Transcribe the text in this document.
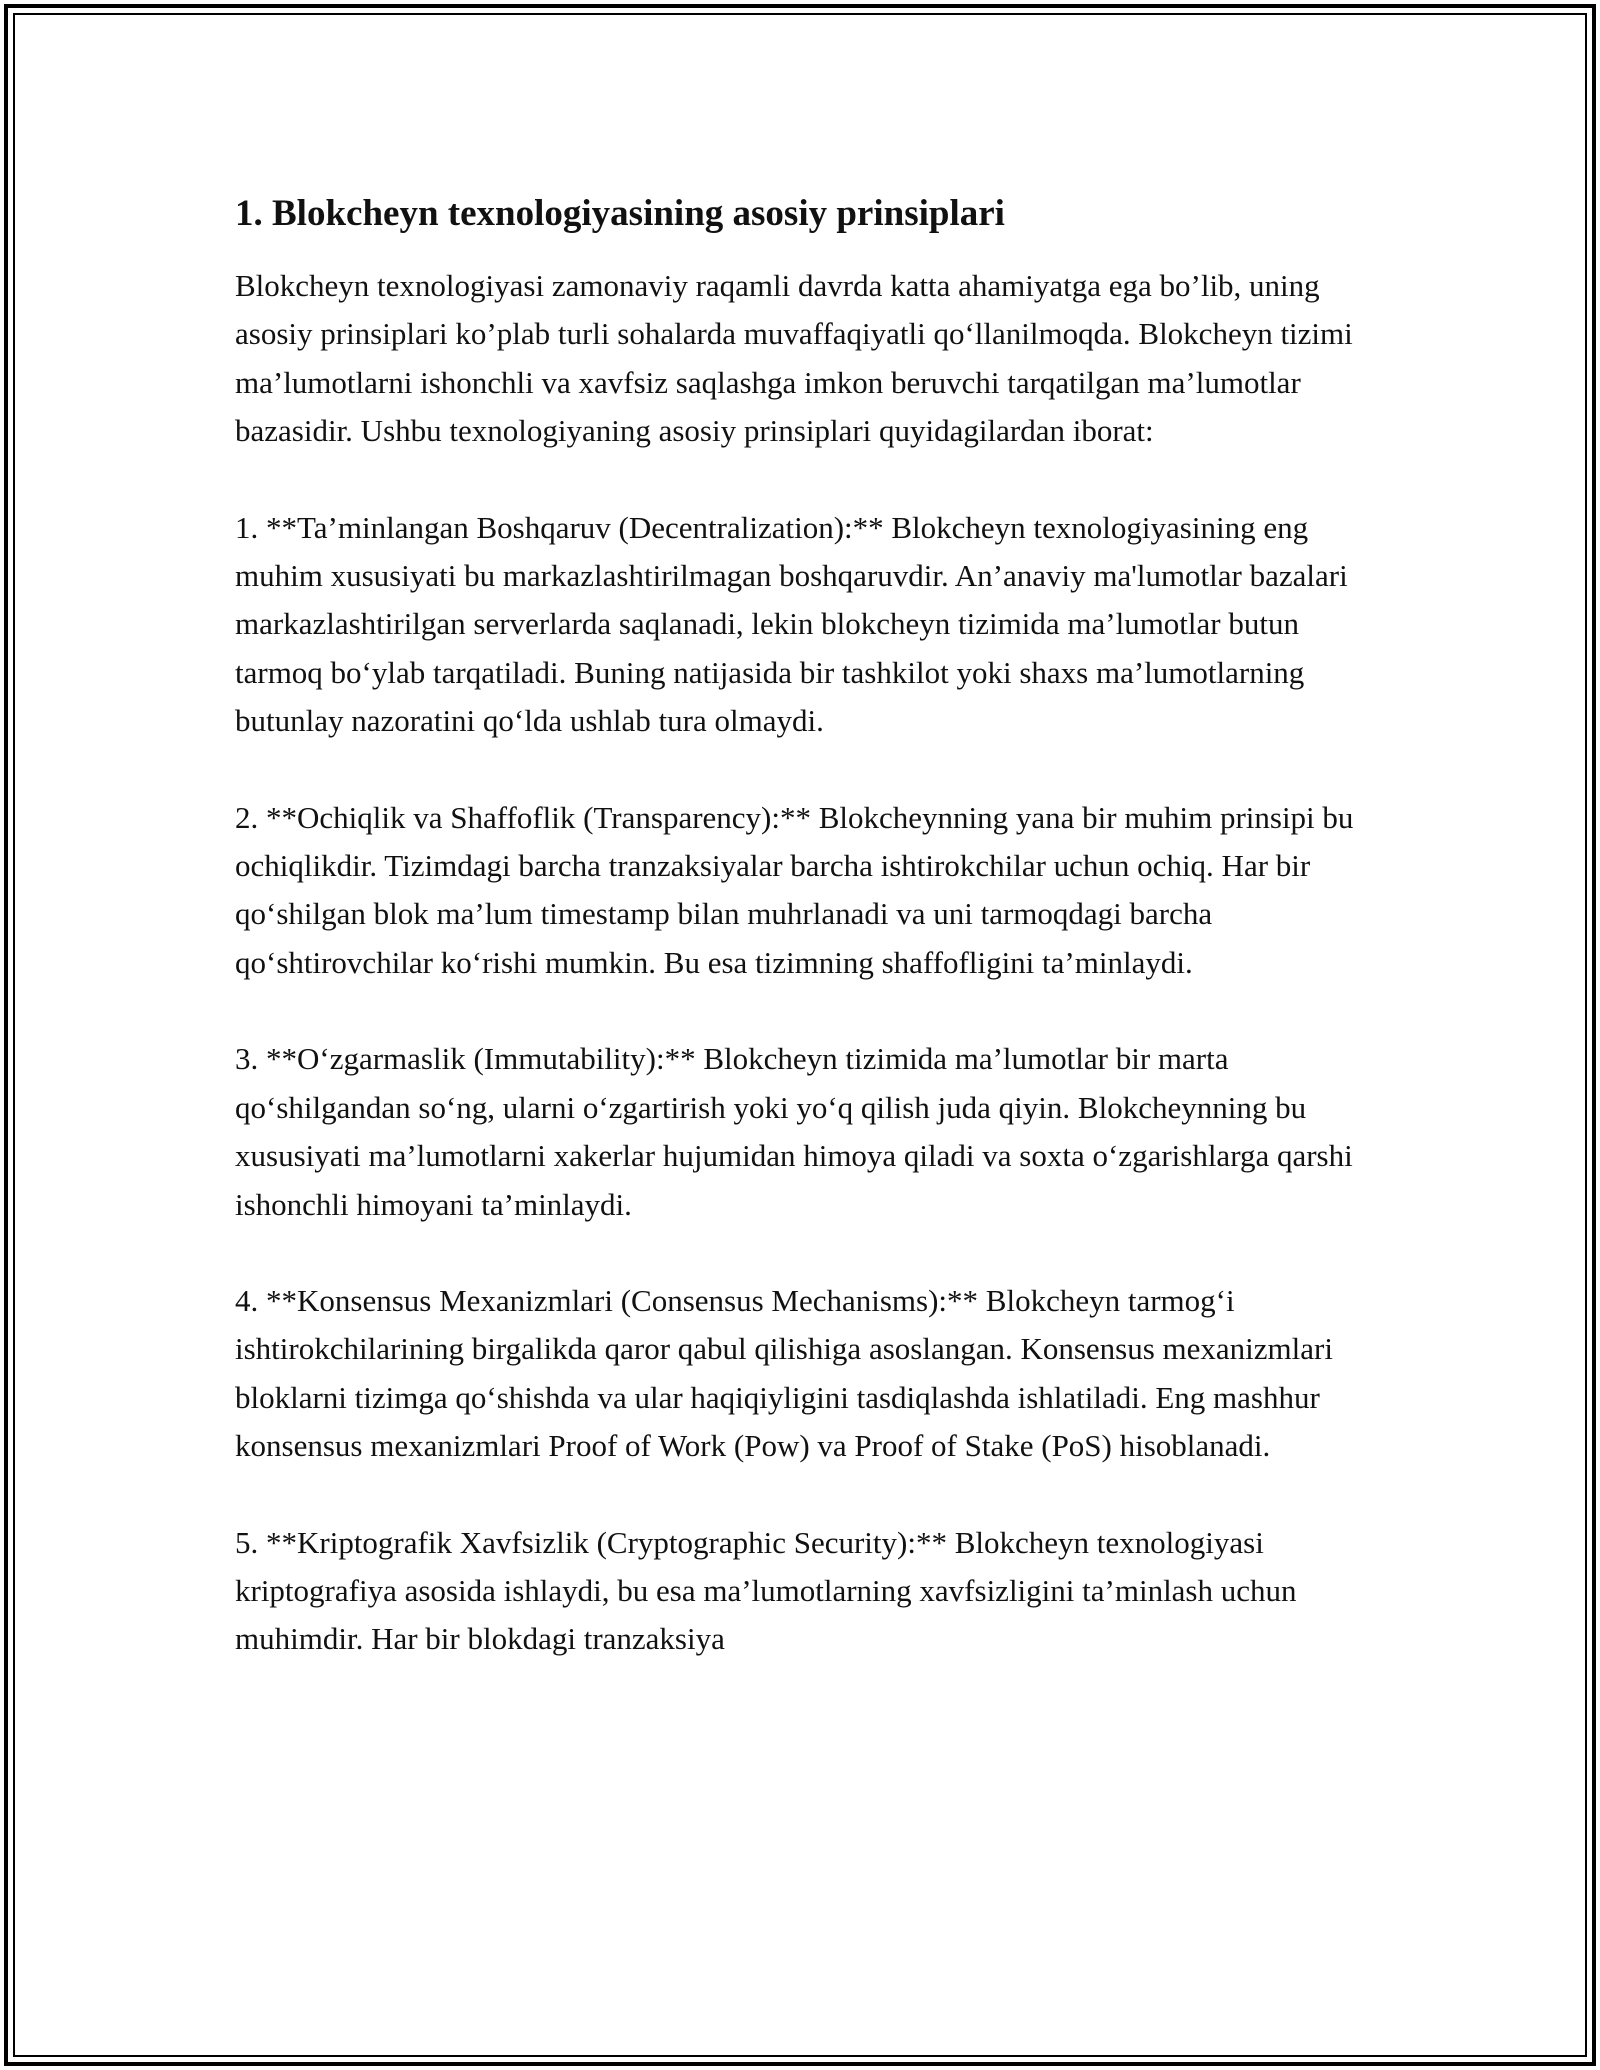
1. Blokcheyn texnologiyasining asosiy prinsiplari

Blokcheyn texnologiyasi zamonaviy raqamli davrda katta ahamiyatga ega bo’lib, uning asosiy prinsiplari ko’plab turli sohalarda muvaffaqiyatli qo‘llanilmoqda. Blokcheyn tizimi ma’lumotlarni ishonchli va xavfsiz saqlashga imkon beruvchi tarqatilgan ma’lumotlar bazasidir. Ushbu texnologiyaning asosiy prinsiplari quyidagilardan iborat:

1. **Ta’minlangan Boshqaruv (Decentralization):** Blokcheyn texnologiyasining eng muhim xususiyati bu markazlashtirilmagan boshqaruvdir. An’anaviy ma'lumotlar bazalari markazlashtirilgan serverlarda saqlanadi, lekin blokcheyn tizimida ma’lumotlar butun tarmoq bo‘ylab tarqatiladi. Buning natijasida bir tashkilot yoki shaxs ma’lumotlarning butunlay nazoratini qo‘lda ushlab tura olmaydi.

2. **Ochiqlik va Shaffoflik (Transparency):** Blokcheynning yana bir muhim prinsipi bu ochiqlikdir. Tizimdagi barcha tranzaksiyalar barcha ishtirokchilar uchun ochiq. Har bir qo‘shilgan blok ma’lum timestamp bilan muhrlanadi va uni tarmoqdagi barcha qo‘shtirovchilar ko‘rishi mumkin. Bu esa tizimning shaffofligini ta’minlaydi.

3. **O‘zgarmaslik (Immutability):** Blokcheyn tizimida ma’lumotlar bir marta qo‘shilgandan so‘ng, ularni o‘zgartirish yoki yo‘q qilish juda qiyin. Blokcheynning bu xususiyati ma’lumotlarni xakerlar hujumidan himoya qiladi va soxta o‘zgarishlarga qarshi ishonchli himoyani ta’minlaydi.

4. **Konsensus Mexanizmlari (Consensus Mechanisms):** Blokcheyn tarmog‘i ishtirokchilarining birgalikda qaror qabul qilishiga asoslangan. Konsensus mexanizmlari bloklarni tizimga qo‘shishda va ular haqiqiyligini tasdiqlashda ishlatiladi. Eng mashhur konsensus mexanizmlari Proof of Work (Pow) va Proof of Stake (PoS) hisoblanadi.

5. **Kriptografik Xavfsizlik (Cryptographic Security):** Blokcheyn texnologiyasi kriptografiya asosida ishlaydi, bu esa ma’lumotlarning xavfsizligini ta’minlash uchun muhimdir. Har bir blokdagi tranzaksiya
